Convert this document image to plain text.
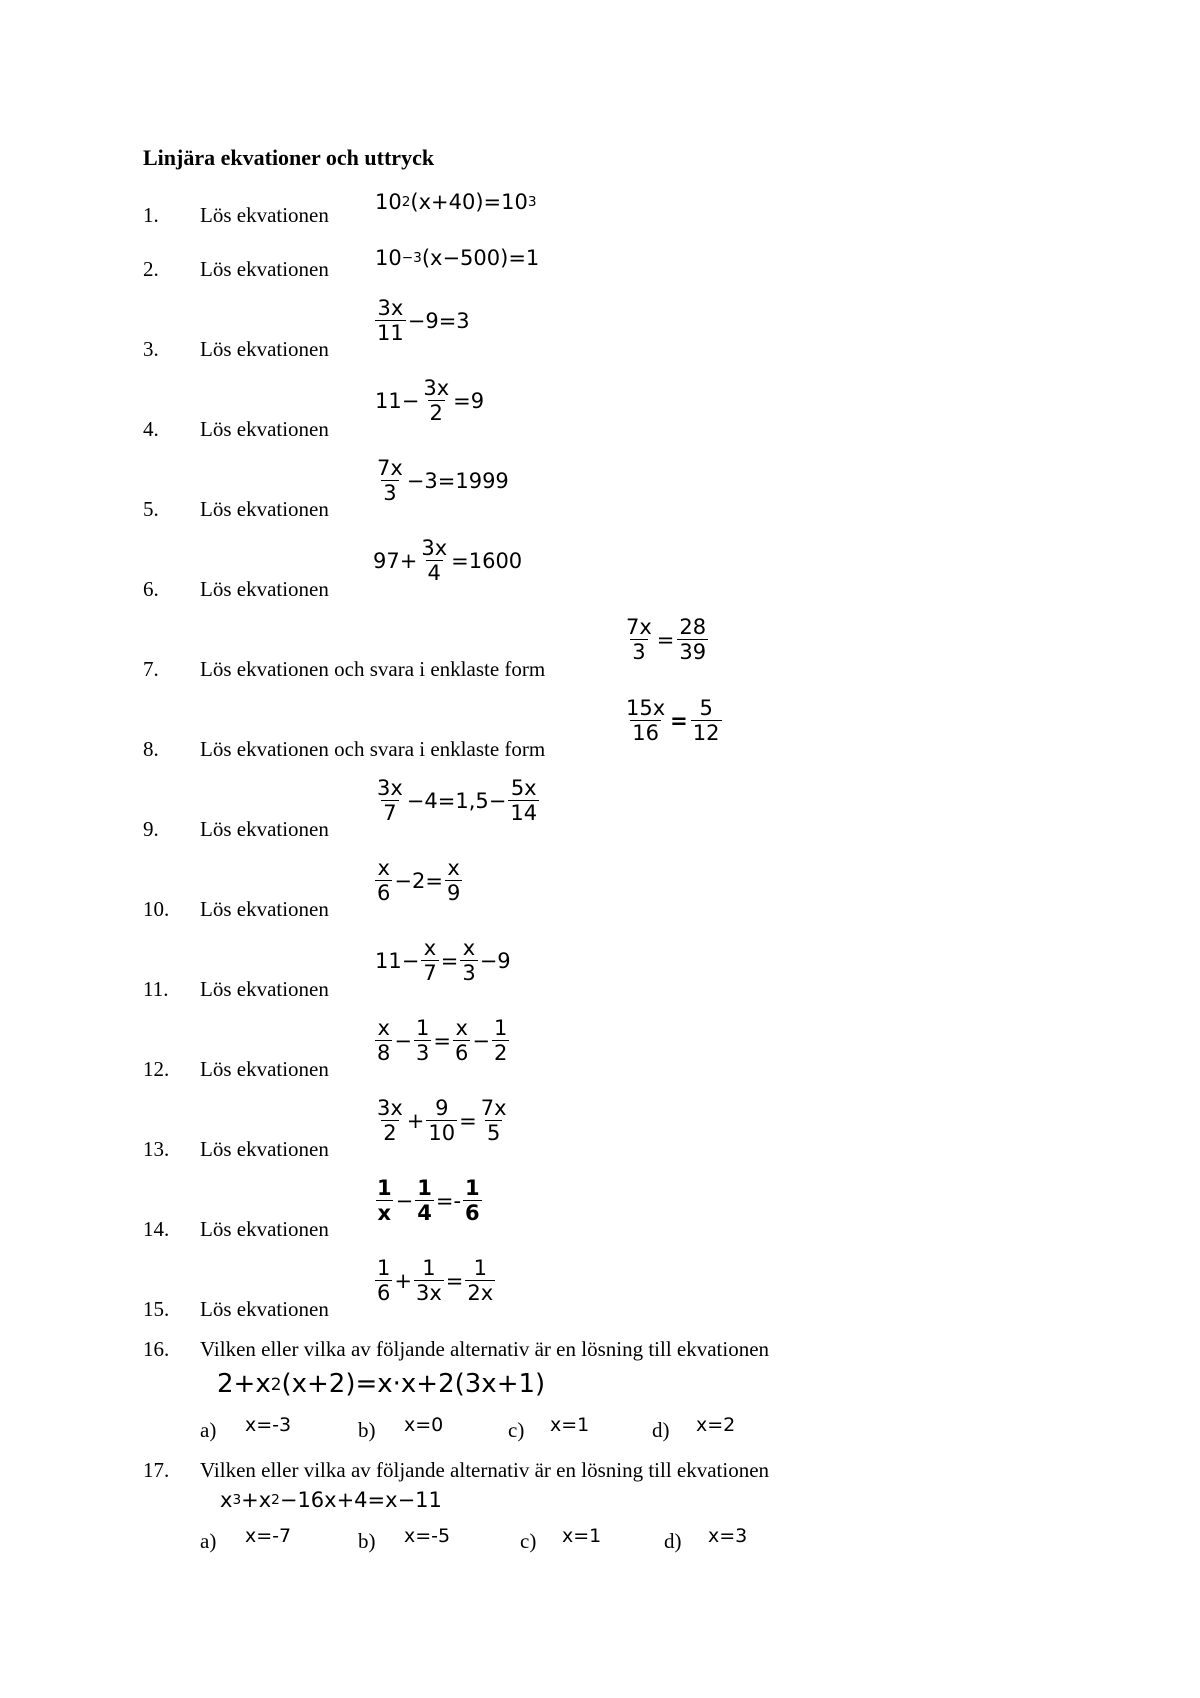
Linjära ekvationer och uttryck
1. Lös ekvationen
10 2 (x+40)=10 3
2. Lös ekvationen 10 −3 (x−500)=1
3. Lös ekvationen
$\frac{3x}{11} -9=3$
4. Lös ekvationen
$11- \frac{3x}{2} =9$
5. Lös ekvationen
$\frac{7x}{3} -3=1999$
6. Lös ekvationen
$97+ \frac{3x}{4} =1600$
7. Lös ekvationen och svara i enklaste form
$\frac{7x}{3} = \frac{28}{39}$
8. Lös ekvationen och svara i enklaste form
$\frac{15x}{16} = \frac{5}{12}$
9. Lös ekvationen
$\frac{3x}{7} -4=1,5- \frac{5x}{14}$
10. Lös ekvationen
$\frac{x}{6} -2= \frac{x}{9}$
11. Lös ekvationen
$11- \frac{x}{7} = \frac{x}{3} -9$
12. Lös ekvationen
$\frac{x}{8} - \frac{1}{3} = \frac{x}{6} - \frac{1}{2}$
13. Lös ekvationen
$\frac{3x}{2} + \frac{9}{10} = \frac{7x}{5}$
14. Lös ekvationen
$\frac{1}{x} - \frac{1}{4} =- \frac{1}{6}$
15. Lös ekvationen
$\frac{1}{6} + \frac{1}{3x} = \frac{1}{2x}$
16. Vilken eller vilka av följande alternativ är en lösning till ekvationen
2+x 2 (x+2)=x·x+2(3x+1)
a) x=-3	b) x=0	c) x=1	d) x=2
17. Vilken eller vilka av följande alternativ är en lösning till ekvationen
x 3 +x 2 −16x+4=x−11
a) x=-7	b) x=-5	c) x=1	d) x=3
